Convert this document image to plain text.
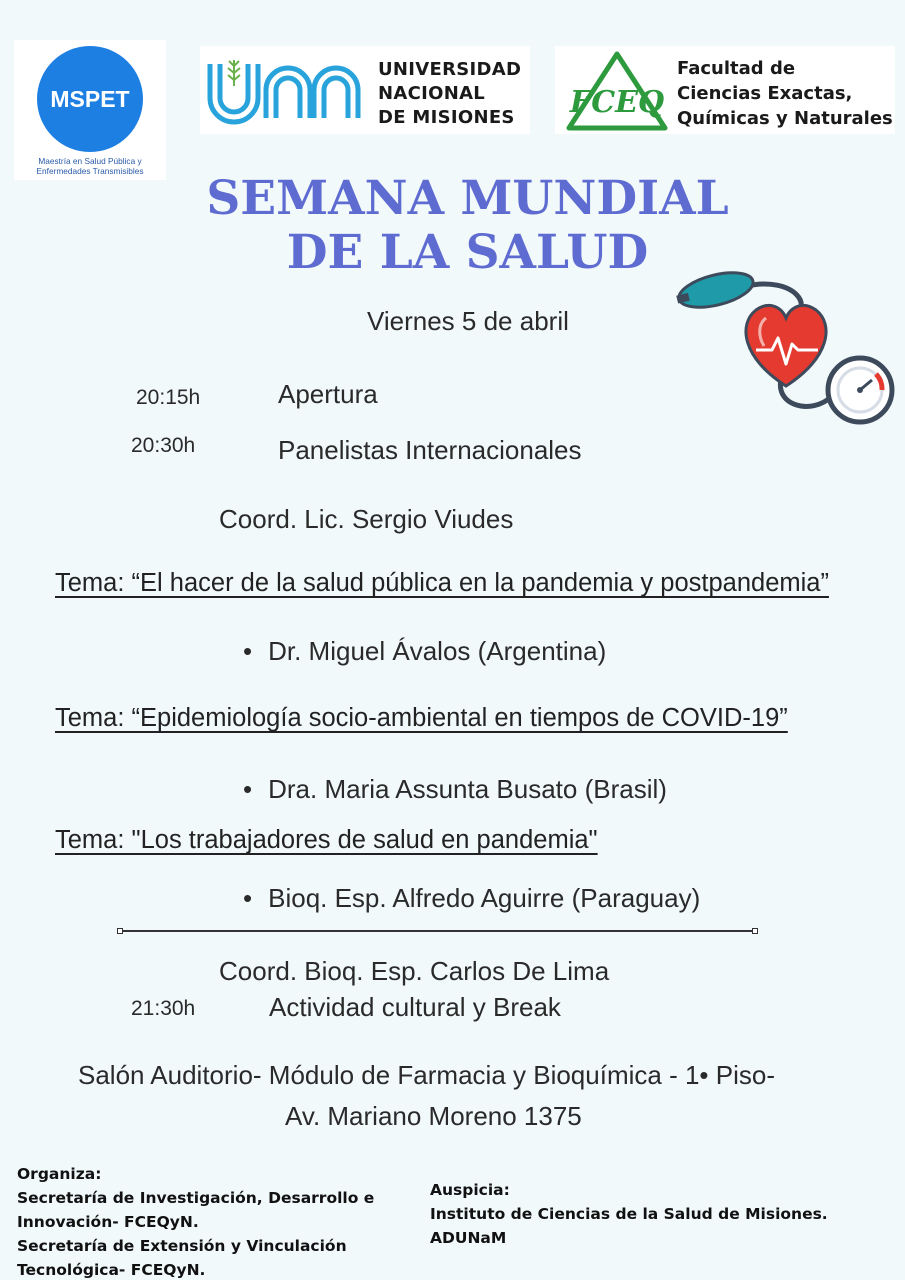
MSPET
Maestría en Salud Pública y Enfermedades Transmisibles
UNIVERSIDAD
NACIONAL
DE MISIONES FCEQ
Facultad de
Ciencias Exactas,
Químicas y Naturales
SEMANA MUNDIAL
DE LA SALUD
Viernes 5 de abril
20:15h	Apertura
20:30h	Panelistas Internacionales
Coord. Lic. Sergio Viudes
Tema: “El hacer de la salud pública en la pandemia y postpandemia”
• Dr. Miguel Ávalos (Argentina)
Tema: “Epidemiología socio-ambiental en tiempos de COVID-19”
• Dra. Maria Assunta Busato (Brasil)
Tema: "Los trabajadores de salud en pandemia"
• Bioq. Esp. Alfredo Aguirre (Paraguay)
Coord. Bioq. Esp. Carlos De Lima
21:30h	Actividad cultural y Break
Salón Auditorio- Módulo de Farmacia y Bioquímica - 1• Piso-
Av. Mariano Moreno 1375
Organiza:
Secretaría de Investigación, Desarrollo e
Innovación- FCEQyN.
Secretaría de Extensión y Vinculación
Tecnológica- FCEQyN.
Auspicia:
Instituto de Ciencias de la Salud de Misiones.
ADUNaM
